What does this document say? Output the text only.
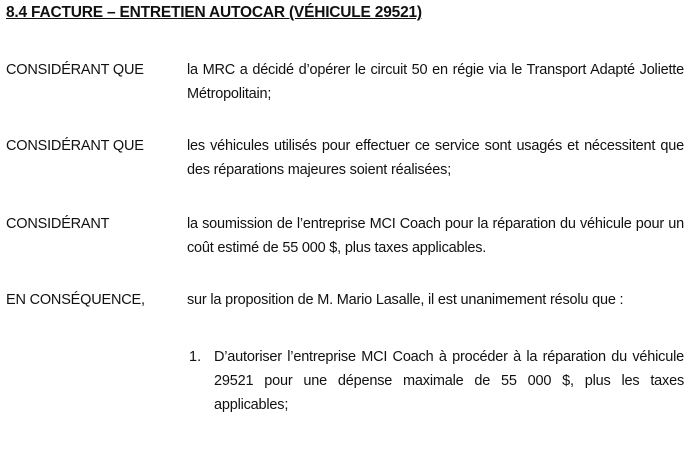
8.4 FACTURE – ENTRETIEN AUTOCAR (VÉHICULE 29521)
CONSIDÉRANT QUE	la MRC a décidé d’opérer le circuit 50 en régie via le Transport Adapté Joliette Métropolitain;
CONSIDÉRANT QUE	les véhicules utilisés pour effectuer ce service sont usagés et nécessitent que des réparations majeures soient réalisées;
CONSIDÉRANT	la soumission de l’entreprise MCI Coach pour la réparation du véhicule pour un coût estimé de 55 000 $, plus taxes applicables.
EN CONSÉQUENCE,	sur la proposition de M. Mario Lasalle, il est unanimement résolu que :
1. D’autoriser l’entreprise MCI Coach à procéder à la réparation du véhicule 29521 pour une dépense maximale de 55 000 $, plus les taxes applicables;
